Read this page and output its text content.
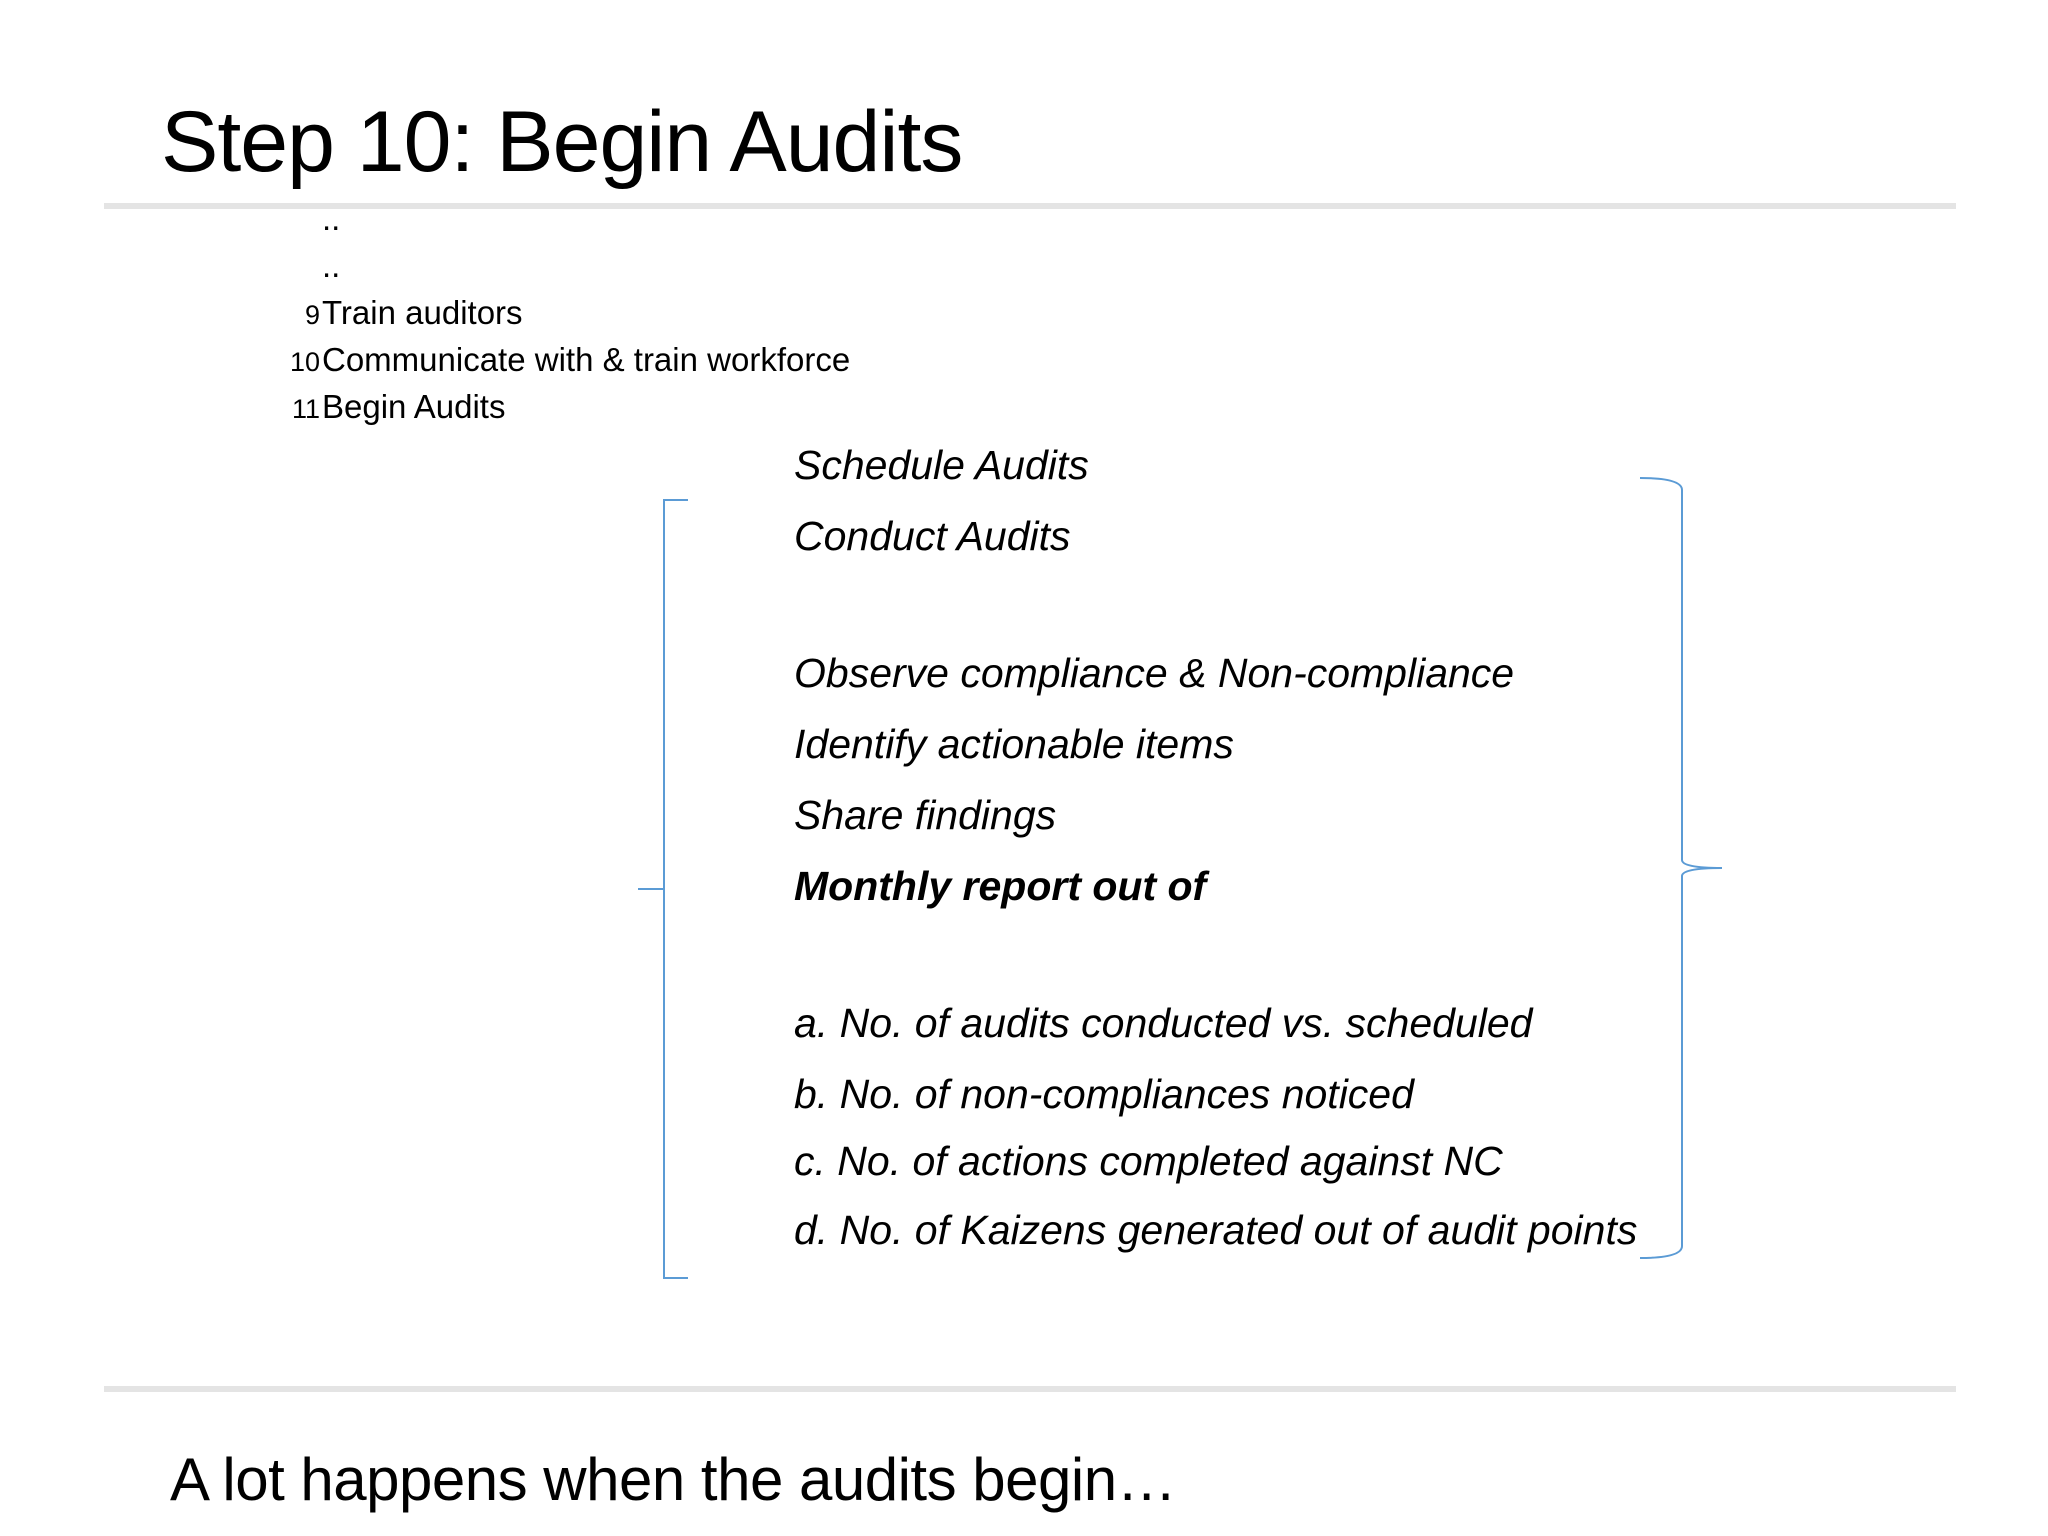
Step 10: Begin Audits
..
..
9 Train auditors
10 Communicate with & train workforce
11 Begin Audits
Schedule Audits
Conduct Audits
Observe compliance & Non-compliance
Identify actionable items
Share findings
Monthly report out of
a. No. of audits conducted vs. scheduled
b. No. of non-compliances noticed
c. No. of actions completed against NC
d. No. of Kaizens generated out of audit points
A lot happens when the audits begin…
